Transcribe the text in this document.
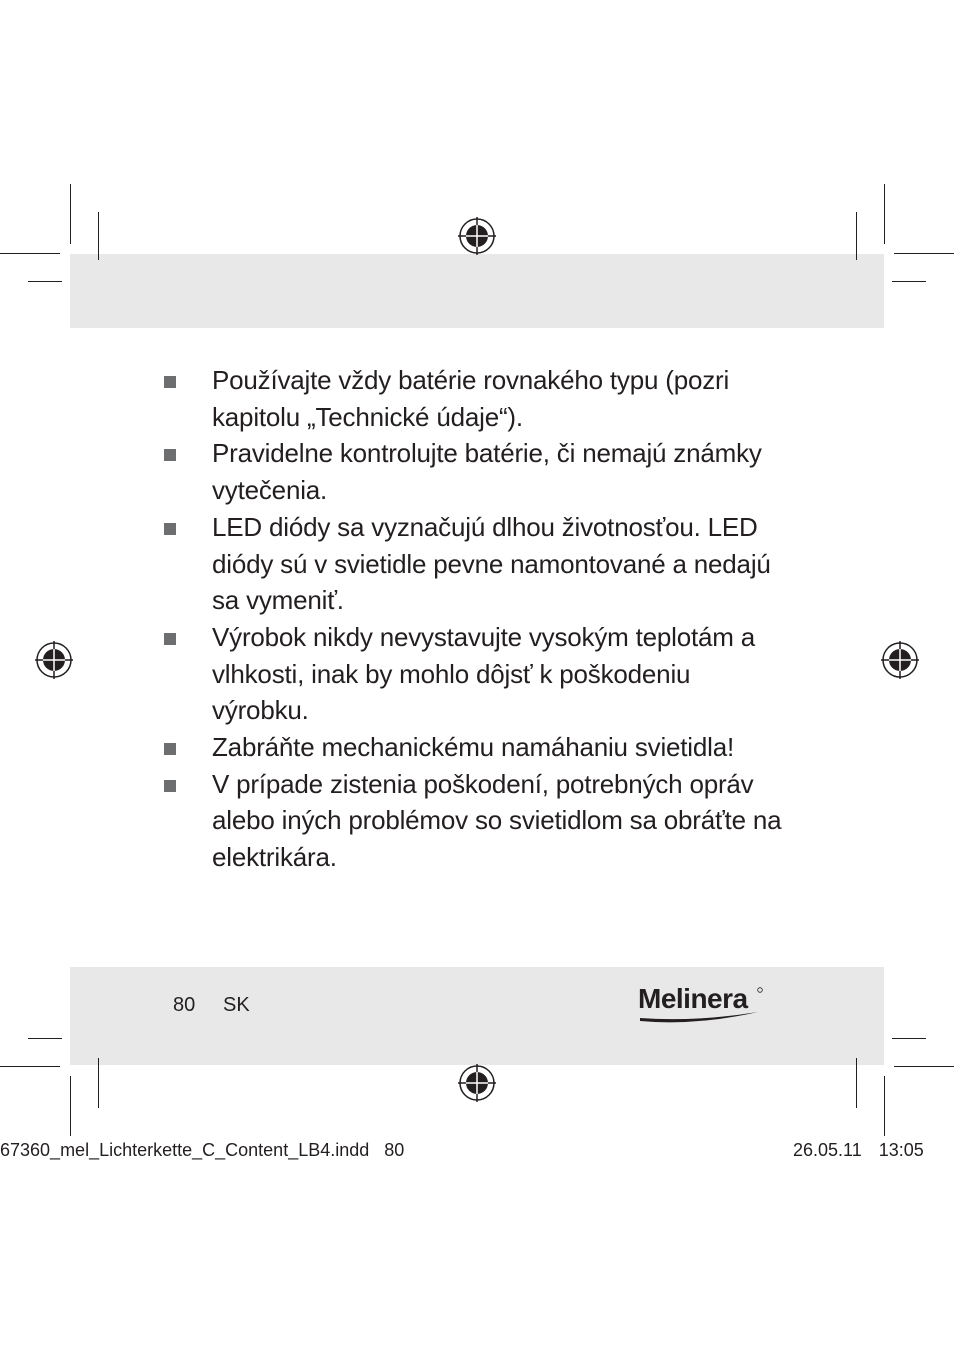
Používajte vždy batérie rovnakého typu (pozri kapitolu „Technické údaje“).
Pravidelne kontrolujte batérie, či nemajú známky vytečenia.
LED diódy sa vyznačujú dlhou životnosťou. LED diódy sú v svietidle pevne namontované a nedajú sa vymeniť.
Výrobok nikdy nevystavujte vysokým teplotám a vlhkosti, inak by mohlo dôjsť k poškodeniu výrobku.
Zabráňte mechanickému namáhaniu svietidla!
V prípade zistenia poškodení, potrebných opráv alebo iných problémov so svietidlom sa obráťte na elektrikára.
80 SK	Melinera
67360_mel_Lichterkette_C_Content_LB4.indd   80	26.05.11 13:05
